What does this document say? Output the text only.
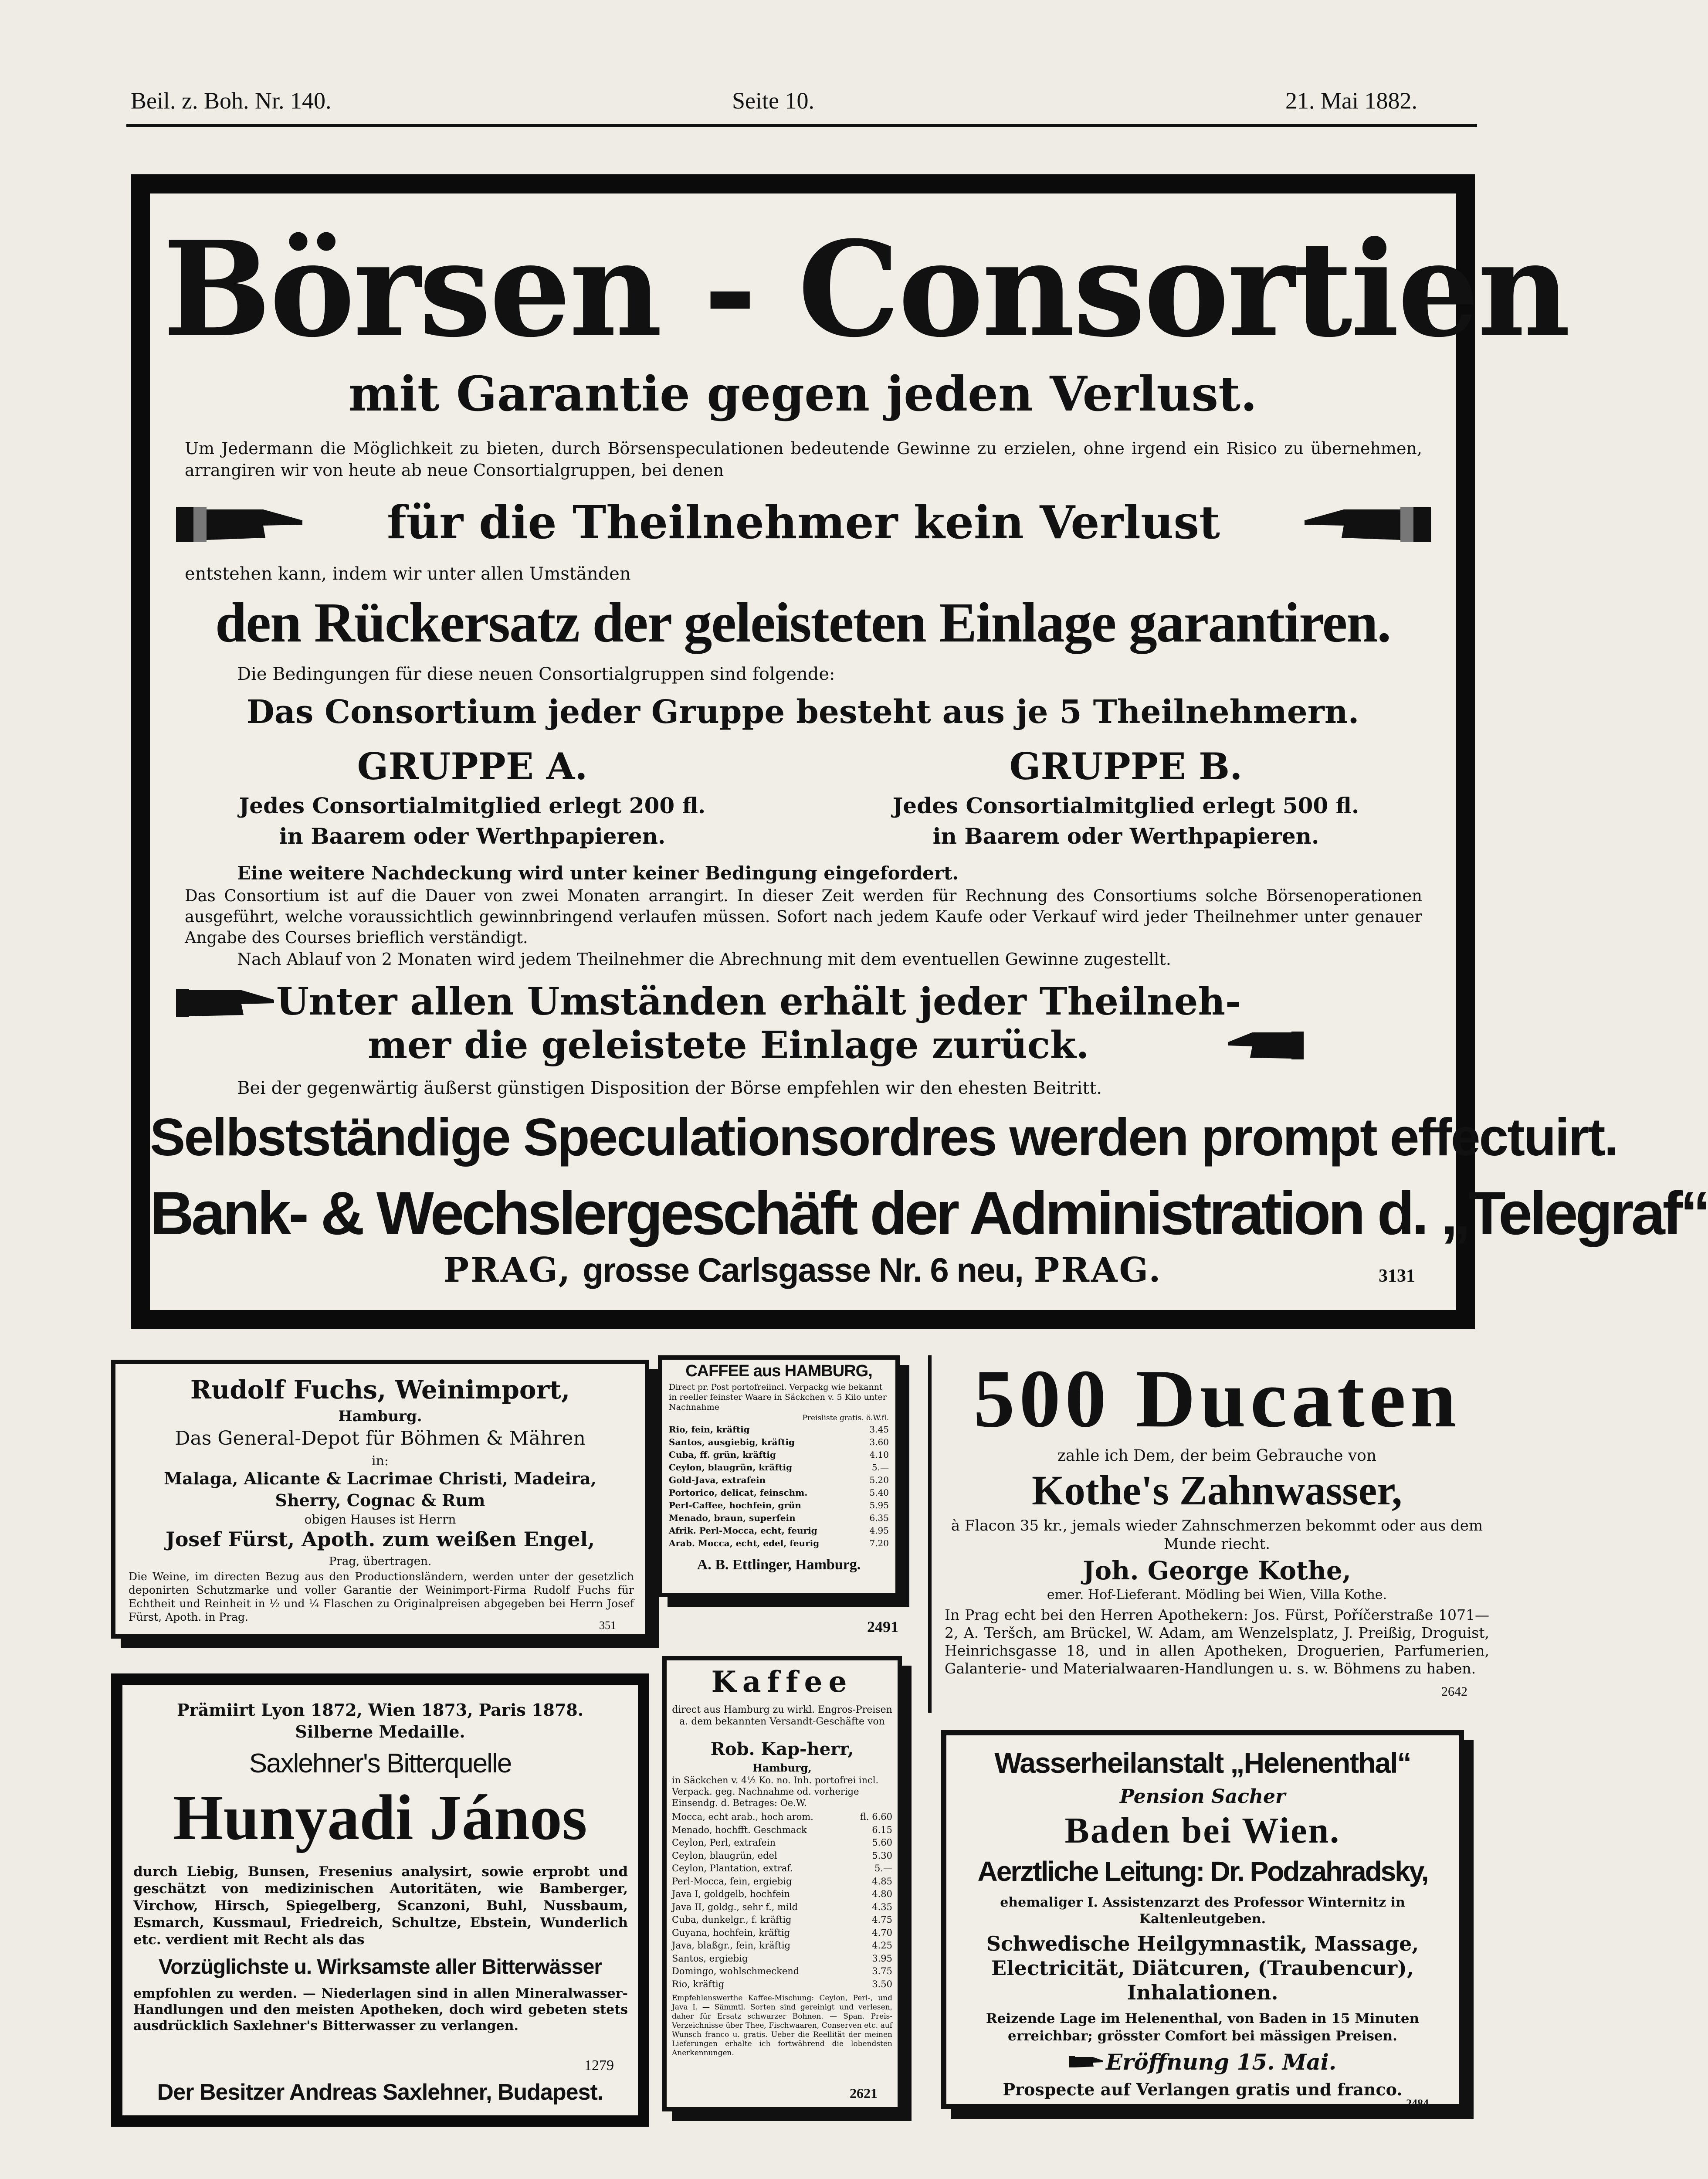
Beil. z. Boh. Nr. 140.	Seite 10.	21. Mai 1882.
Börsen - Consortien
mit Garantie gegen jeden Verlust.
Um Jedermann die Möglichkeit zu bieten, durch Börsenspeculationen bedeutende Gewinne zu erzielen, ohne irgend ein Risico zu übernehmen, arrangiren wir von heute ab neue Consortialgruppen, bei denen
für die Theilnehmer kein Verlust
entstehen kann, indem wir unter allen Umständen
den Rückersatz der geleisteten Einlage garantiren.
Die Bedingungen für diese neuen Consortialgruppen sind folgende:
Das Consortium jeder Gruppe besteht aus je 5 Theilnehmern.
GRUPPE A.
Jedes Consortialmitglied erlegt 200 fl.
in Baarem oder Werthpapieren.
GRUPPE B.
Jedes Consortialmitglied erlegt 500 fl.
in Baarem oder Werthpapieren.
Eine weitere Nachdeckung wird unter keiner Bedingung eingefordert.
Das Consortium ist auf die Dauer von zwei Monaten arrangirt. In dieser Zeit werden für Rechnung des Consortiums solche Börsenoperationen ausgeführt, welche voraussichtlich gewinnbringend verlaufen müssen. Sofort nach jedem Kaufe oder Verkauf wird jeder Theilnehmer unter genauer Angabe des Courses brieflich verständigt.
Nach Ablauf von 2 Monaten wird jedem Theilnehmer die Abrechnung mit dem eventuellen Gewinne zugestellt.
Unter allen Umständen erhält jeder Theilneh-
mer die geleistete Einlage zurück.
Bei der gegenwärtig äußerst günstigen Disposition der Börse empfehlen wir den ehesten Beitritt.
Selbstständige Speculationsordres werden prompt effectuirt.
Bank- & Wechslergeschäft der Administration d. „Telegraf“
PRAG, grosse Carlsgasse Nr. 6 neu, PRAG.	3131
Rudolf Fuchs, Weinimport,
Hamburg.
Das General-Depot für Böhmen & Mähren
in:
Malaga, Alicante & Lacrimae Christi, Madeira,
Sherry, Cognac & Rum
obigen Hauses ist Herrn
Josef Fürst, Apoth. zum weißen Engel,
Prag, übertragen.
Die Weine, im directen Bezug aus den Productionsländern, werden unter der gesetzlich deponirten Schutzmarke und voller Garantie der Weinimport-Firma Rudolf Fuchs für Echtheit und Reinheit in ½ und ¼ Flaschen zu Originalpreisen abgegeben bei Herrn Josef Fürst, Apoth. in Prag.
351
CAFFEE aus HAMBURG,
Direct pr. Post portofreiincl. Verpackg wie bekannt in reeller feinster Waare in Säckchen v. 5 Kilo unter Nachnahme
Preisliste gratis. ö.W.fl.
Rio, fein, kräftig	3.45
Santos, ausgiebig, kräftig	3.60
Cuba, ff. grün, kräftig	4.10
Ceylon, blaugrün, kräftig	5.—
Gold-Java, extrafein	5.20
Portorico, delicat, feinschm.	5.40
Perl-Caffee, hochfein, grün	5.95
Menado, braun, superfein	6.35
Afrik. Perl-Mocca, echt, feurig	4.95
Arab. Mocca, echt, edel, feurig	7.20
A. B. Ettlinger, Hamburg.
2491
500 Ducaten
zahle ich Dem, der beim Gebrauche von
Kothe's Zahnwasser,
à Flacon 35 kr., jemals wieder Zahnschmerzen bekommt oder aus dem Munde riecht.
Joh. George Kothe,
emer. Hof-Lieferant. Mödling bei Wien, Villa Kothe.
In Prag echt bei den Herren Apothekern: Jos. Fürst, Poříčerstraße 1071—2, A. Teršch, am Brückel, W. Adam, am Wenzelsplatz, J. Preißig, Droguist, Heinrichsgasse 18, und in allen Apotheken, Droguerien, Parfumerien, Galanterie- und Materialwaaren-Handlungen u. s. w. Böhmens zu haben.
2642
Prämiirt Lyon 1872, Wien 1873, Paris 1878.
Silberne Medaille.
Saxlehner's Bitterquelle
Hunyadi János
durch Liebig, Bunsen, Fresenius analysirt, sowie erprobt und geschätzt von medizinischen Autoritäten, wie Bamberger, Virchow, Hirsch, Spiegelberg, Scanzoni, Buhl, Nussbaum, Esmarch, Kussmaul, Friedreich, Schultze, Ebstein, Wunderlich etc. verdient mit Recht als das
Vorzüglichste u. Wirksamste aller Bitterwässer
empfohlen zu werden. — Niederlagen sind in allen Mineralwasser-Handlungen und den meisten Apotheken, doch wird gebeten stets ausdrücklich Saxlehner's Bitterwasser zu verlangen.
1279
Der Besitzer Andreas Saxlehner, Budapest.
Kaffee
direct aus Hamburg zu wirkl. Engros-Preisen a. dem bekannten Versandt-Geschäfte von
Rob. Kap-herr,
Hamburg,
in Säckchen v. 4½ Ko. no. Inh. portofrei incl. Verpack. geg. Nachnahme od. vorherige Einsendg. d. Betrages: Oe.W.
Mocca, echt arab., hoch arom.	fl. 6.60
Menado, hochfft. Geschmack	6.15
Ceylon, Perl, extrafein	5.60
Ceylon, blaugrün, edel	5.30
Ceylon, Plantation, extraf.	5.—
Perl-Mocca, fein, ergiebig	4.85
Java I, goldgelb, hochfein	4.80
Java II, goldg., sehr f., mild	4.35
Cuba, dunkelgr., f. kräftig	4.75
Guyana, hochfein, kräftig	4.70
Java, blaßgr., fein, kräftig	4.25
Santos, ergiebig	3.95
Domingo, wohlschmeckend	3.75
Rio, kräftig	3.50
Empfehlenswerthe Kaffee-Mischung: Ceylon, Perl-, und Java I. — Sämmtl. Sorten sind gereinigt und verlesen, daher für Ersatz schwarzer Bohnen. — Span. Preis-Verzeichnisse über Thee, Fischwaaren, Conserven etc. auf Wunsch franco u. gratis. Ueber die Reellität der meinen Lieferungen erhalte ich fortwährend die lobendsten Anerkennungen.
2621
Wasserheilanstalt „Helenenthal“
Pension Sacher
Baden bei Wien.
Aerztliche Leitung: Dr. Podzahradsky,
ehemaliger I. Assistenzarzt des Professor Winternitz in Kaltenleutgeben.
Schwedische Heilgymnastik, Massage, Electricität, Diätcuren, (Traubencur), Inhalationen.
Reizende Lage im Helenenthal, von Baden in 15 Minuten erreichbar; grösster Comfort bei mässigen Preisen.
Eröffnung 15. Mai.
Prospecte auf Verlangen gratis und franco.
2484
